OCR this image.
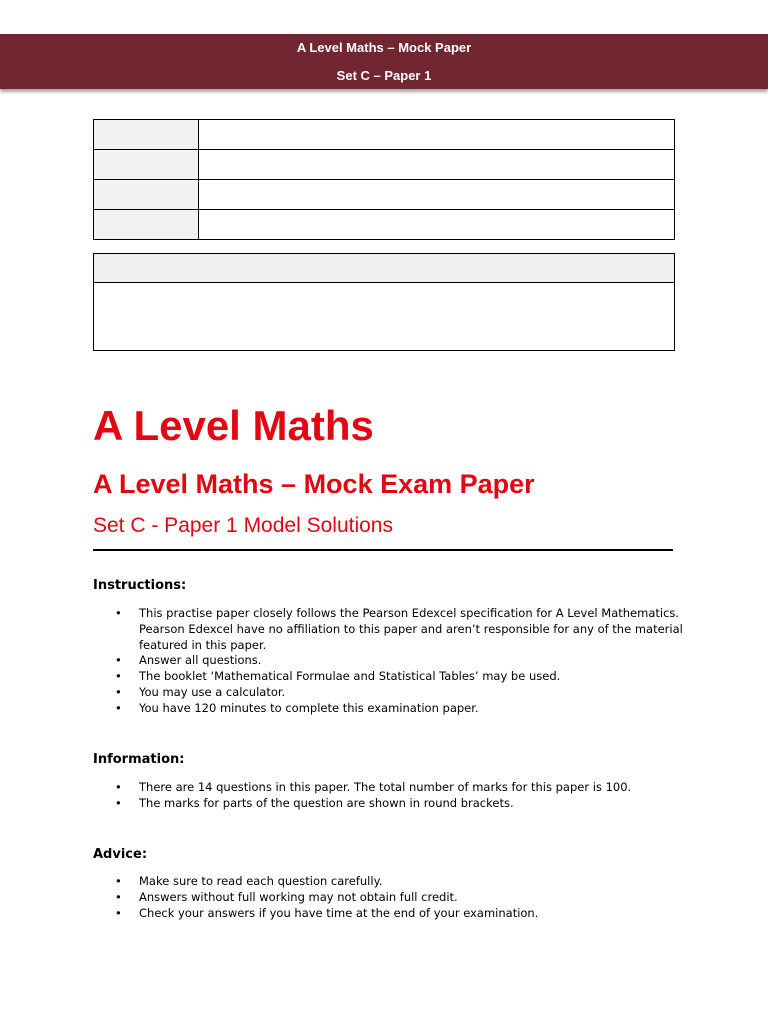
A Level Maths – Mock Paper
Set C – Paper 1

A Level Maths
A Level Maths – Mock Exam Paper
Set C - Paper 1 Model Solutions
Instructions:
• This practise paper closely follows the Pearson Edexcel specification for A Level Mathematics. Pearson Edexcel have no affiliation to this paper and aren’t responsible for any of the material featured in this paper.
• Answer all questions.
• The booklet ‘Mathematical Formulae and Statistical Tables’ may be used.
• You may use a calculator.
• You have 120 minutes to complete this examination paper.
Information:
• There are 14 questions in this paper. The total number of marks for this paper is 100.
• The marks for parts of the question are shown in round brackets.
Advice:
• Make sure to read each question carefully.
• Answers without full working may not obtain full credit.
• Check your answers if you have time at the end of your examination.
